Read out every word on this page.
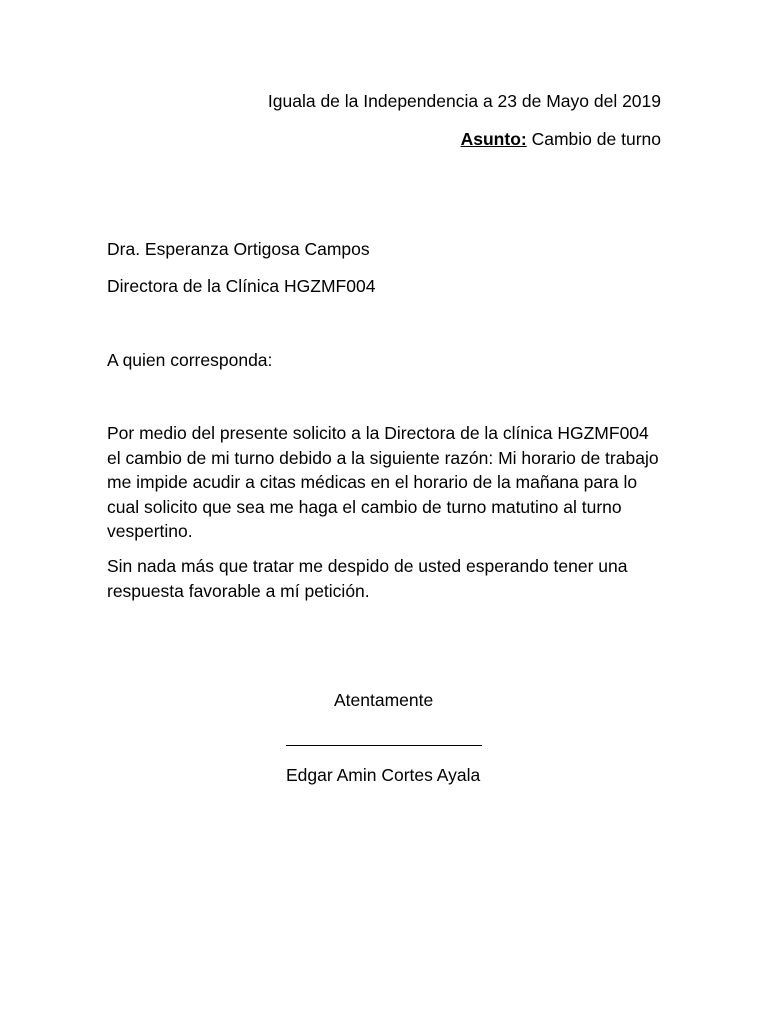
Iguala de la Independencia a 23 de Mayo del 2019
Asunto: Cambio de turno
Dra. Esperanza Ortigosa Campos
Directora de la Clínica HGZMF004
A quien corresponda:
Por medio del presente solicito a la Directora de la clínica HGZMF004
el cambio de mi turno debido a la siguiente razón: Mi horario de trabajo
me impide acudir a citas médicas en el horario de la mañana para lo
cual solicito que sea me haga el cambio de turno matutino al turno
vespertino.
Sin nada más que tratar me despido de usted esperando tener una
respuesta favorable a mí petición.
Atentamente
Edgar Amin Cortes Ayala
